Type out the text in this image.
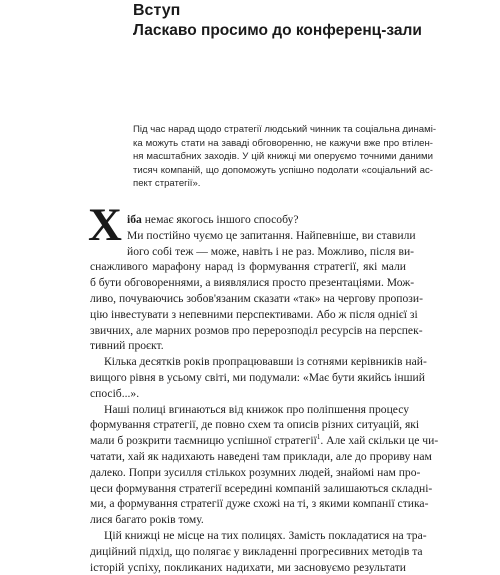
Вступ
Ласкаво просимо до конференц-зали
Під час нарад щодо стратегії людський чинник та соціальна динамі-
ка можуть стати на заваді обговоренню, не кажучи вже про втілен-
ня масштабних заходів. У цій книжці ми оперуємо точними даними
тисяч компаній, що допоможуть успішно подолати «соціальний ас-
пект стратегії».
Х іба немає якогось іншого способу?
Ми постійно чуємо це запитання. Найпевніше, ви ставили
його собі теж — може, навіть і не раз. Можливо, після ви-
снажливого марафону нарад із формування стратегії, які мали
б бути обговореннями, а виявлялися просто презентаціями. Мож-
ливо, почуваючись зобов'язаним сказати «так» на чергову пропози-
цію інвестувати з непевними перспективами. Або ж після однієї зі
звичних, але марних розмов про перерозподіл ресурсів на перспек-
тивний проєкт.
Кілька десятків років пропрацювавши із сотнями керівників най-
вищого рівня в усьому світі, ми подумали: «Має бути якийсь інший
спосіб...».
Наші полиці вгинаються від книжок про поліпшення процесу
формування стратегії, де повно схем та описів різних ситуацій, які
мали б розкрити таємницю успішної стратегії$^1$. Але хай скільки це чи-
чатати, хай як надихають наведені там приклади, але до прориву нам
далеко. Попри зусилля стількох розумних людей, знайомі нам про-
цеси формування стратегії всередині компаній залишаються складні-
ми, а формування стратегії дуже схожі на ті, з якими компанії стика-
лися багато років тому.
Цій книжці не місце на тих полицях. Замість покладатися на тра-
диційний підхід, що полягає у викладенні прогресивних методів та
історій успіху, покликаних надихати, ми засновуємо результати
